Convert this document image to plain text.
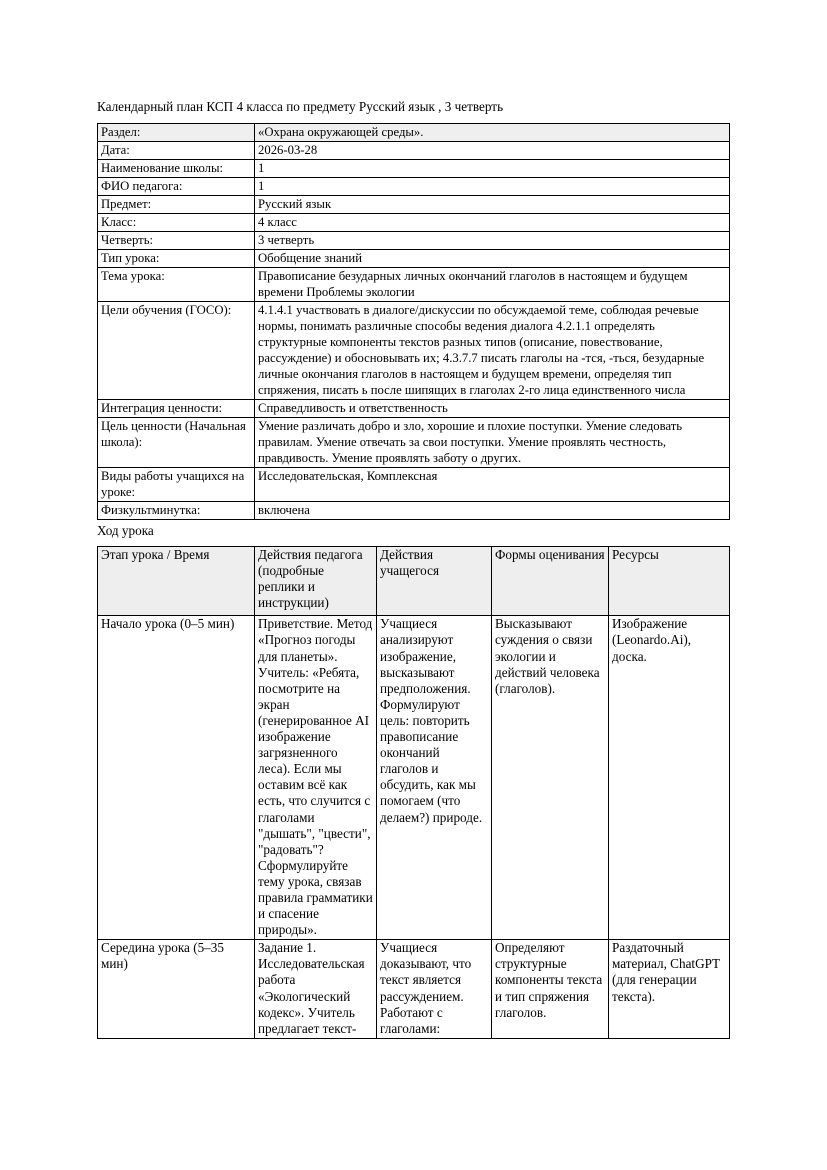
Календарный план КСП 4 класса по предмету Русский язык , 3 четверть
Раздел:	«Охрана окружающей среды».
Дата:	2026-03-28
Наименование школы:	1
ФИО педагога:	1
Предмет:	Русский язык
Класс:	4 класс
Четверть:	3 четверть
Тип урока:	Обобщение знаний
Тема урока:	Правописание безударных личных окончаний глаголов в настоящем и будущем времени Проблемы экологии
Цели обучения (ГОСО):	4.1.4.1 участвовать в диалоге/дискуссии по обсуждаемой теме, соблюдая речевые нормы, понимать различные способы ведения диалога 4.2.1.1 определять структурные компоненты текстов разных типов (описание, повествование, рассуждение) и обосновывать их; 4.3.7.7 писать глаголы на -тся, -ться, безударные личные окончания глаголов в настоящем и будущем времени, определяя тип спряжения, писать ь после шипящих в глаголах 2-го лица единственного числа
Интеграция ценности:	Справедливость и ответственность
Цель ценности (Начальная школа):	Умение различать добро и зло, хорошие и плохие поступки. Умение следовать правилам. Умение отвечать за свои поступки. Умение проявлять честность, правдивость. Умение проявлять заботу о других.
Виды работы учащихся на уроке:	Исследовательская, Комплексная
Физкультминутка:	включена
Ход урока
Этап урока / Время	Действия педагога (подробные реплики и инструкции)	Действия учащегося	Формы оценивания	Ресурсы
Начало урока (0–5 мин)	Приветствие. Метод «Прогноз погоды для планеты». Учитель: «Ребята, посмотрите на экран (генерированное AI изображение загрязненного леса). Если мы оставим всё как есть, что случится с глаголами "дышать", "цвести", "радовать"? Сформулируйте тему урока, связав правила грамматики и спасение природы».	Учащиеся анализируют изображение, высказывают предположения. Формулируют цель: повторить правописание окончаний глаголов и обсудить, как мы помогаем (что делаем?) природе.	Высказывают суждения о связи экологии и действий человека (глаголов).	Изображение (Leonardo.Ai), доска.
Середина урока (5–35 мин)	Задание 1. Исследовательская работа «Экологический кодекс». Учитель предлагает текст-	Учащиеся доказывают, что текст является рассуждением. Работают с глаголами:	Определяют структурные компоненты текста и тип спряжения глаголов.	Раздаточный материал, ChatGPT (для генерации текста).
